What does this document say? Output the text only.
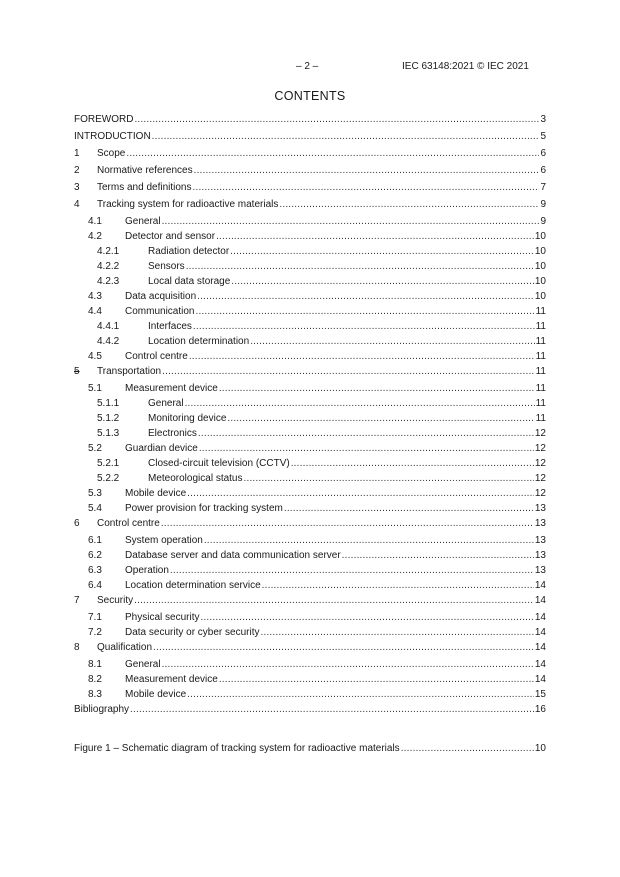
– 2 –	IEC 63148:2021 © IEC 2021
CONTENTS
FOREWORD .....	3
INTRODUCTION .....	5
1	Scope .....	6
2	Normative references .....	6
3	Terms and definitions .....	7
4	Tracking system for radioactive materials .....	9
4.1	General .....	9
4.2	Detector and sensor .....	10
4.2.1	Radiation detector .....	10
4.2.2	Sensors .....	10
4.2.3	Local data storage .....	10
4.3	Data acquisition .....	10
4.4	Communication .....	11
4.4.1	Interfaces .....	11
4.4.2	Location determination .....	11
4.5	Control centre .....	11
5	Transportation .....	11
5.1	Measurement device .....	11
5.1.1	General .....	11
5.1.2	Monitoring device .....	11
5.1.3	Electronics .....	12
5.2	Guardian device .....	12
5.2.1	Closed-circuit television (CCTV) .....	12
5.2.2	Meteorological status .....	12
5.3	Mobile device .....	12
5.4	Power provision for tracking system .....	13
6	Control centre .....	13
6.1	System operation .....	13
6.2	Database server and data communication server .....	13
6.3	Operation .....	13
6.4	Location determination service .....	14
7	Security .....	14
7.1	Physical security .....	14
7.2	Data security or cyber security .....	14
8	Qualification .....	14
8.1	General .....	14
8.2	Measurement device .....	14
8.3	Mobile device .....	15
Bibliography .....	16
Figure 1 – Schematic diagram of tracking system for radioactive materials .....	10
